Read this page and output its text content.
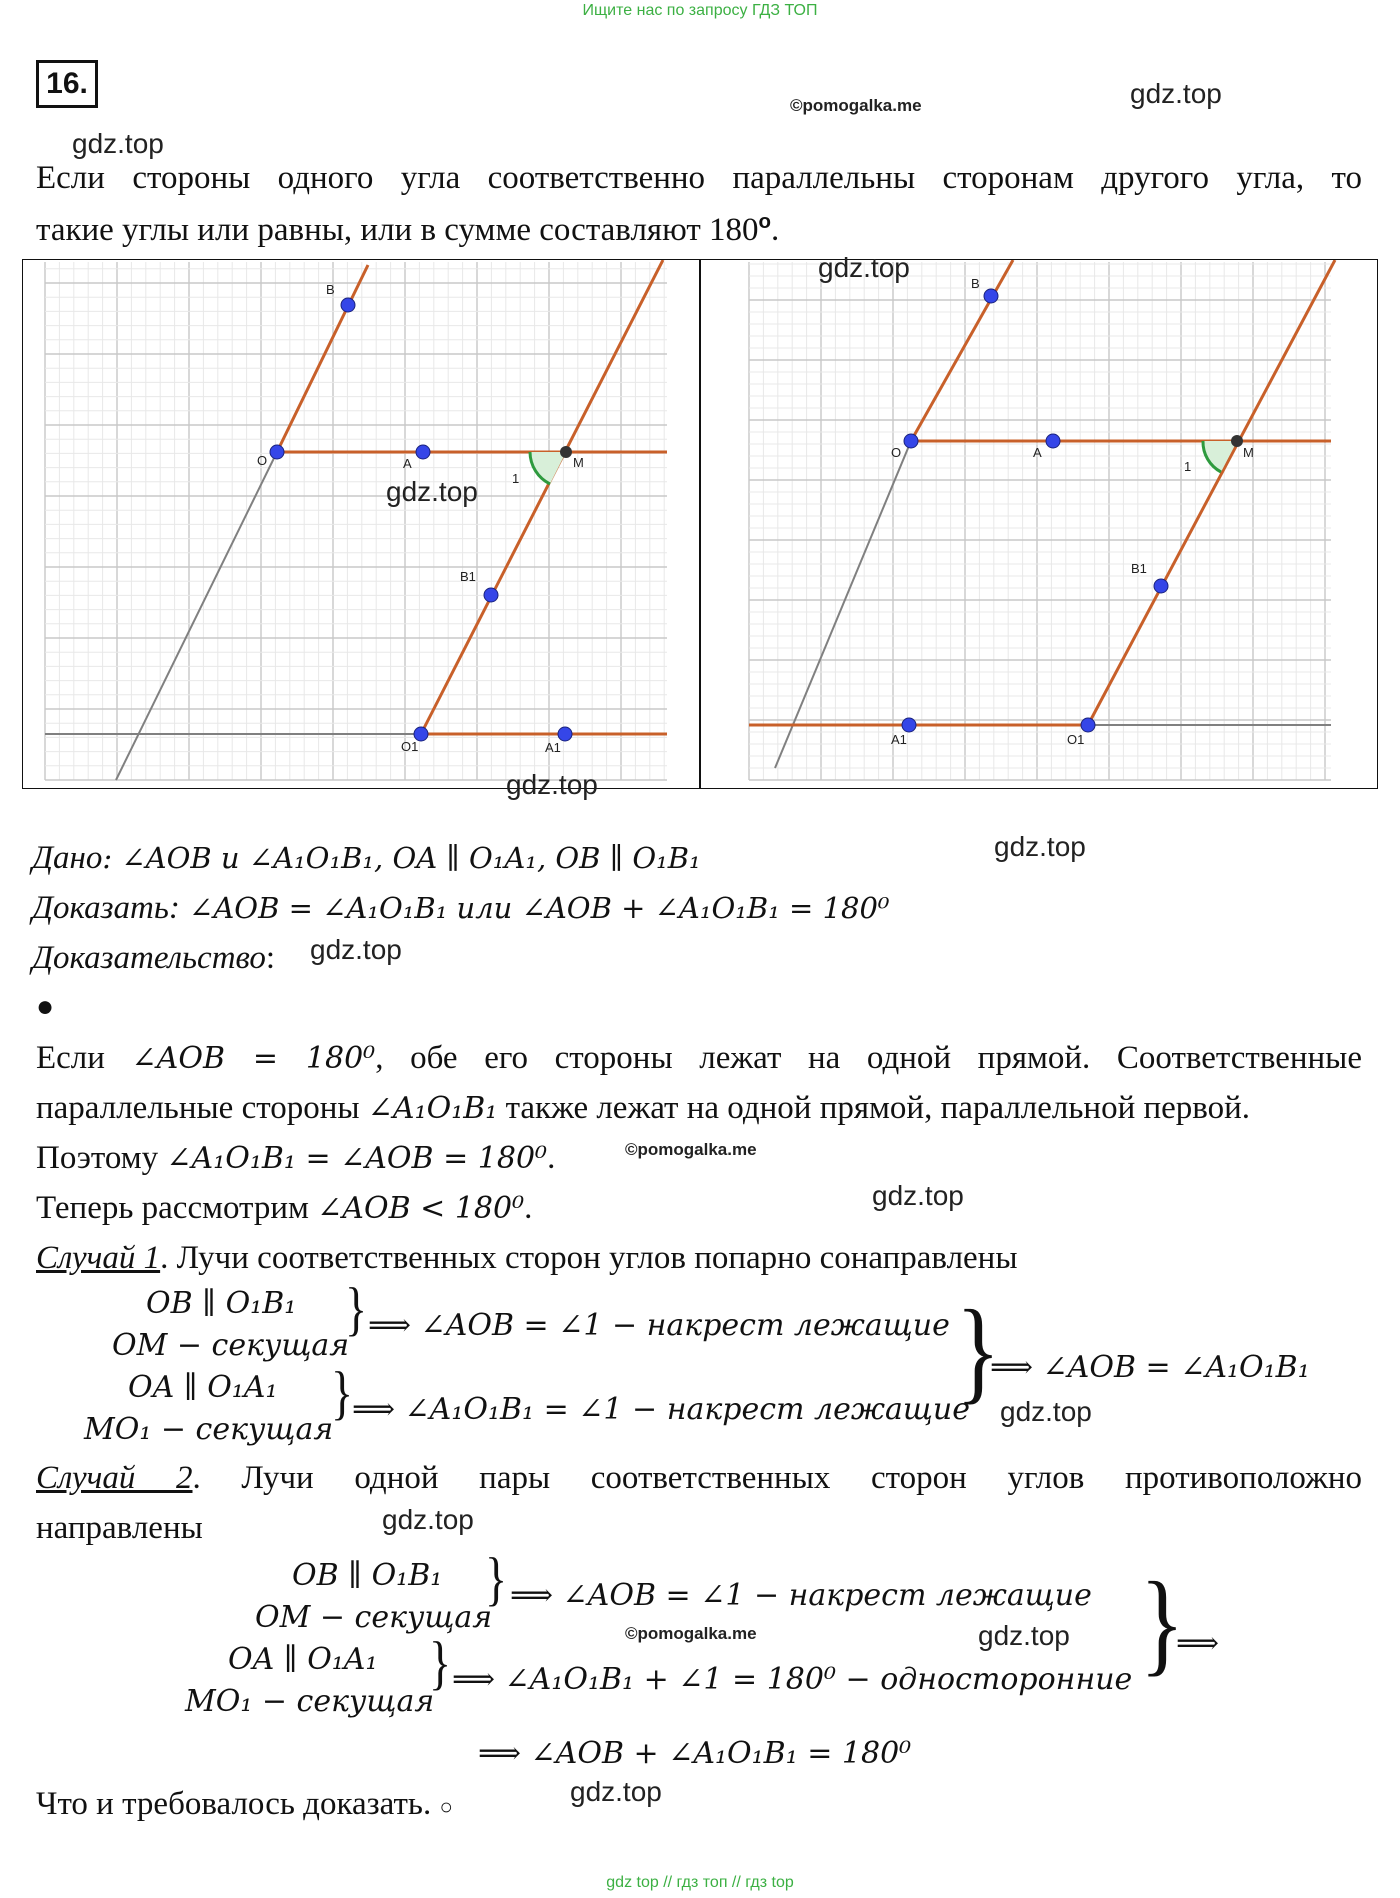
Ищите нас по запросу ГДЗ ТОП
16.
©pomogalka.me	gdz.top
gdz.top
Если стороны одного угла соответственно параллельны сторонам другого угла, то
такие углы или равны, или в сумме составляют 180$^o$.
B
O	A	M
1
B1
O1	A1
B
O	A	M
1
B1
A1	O1
gdz.top
gdz.top
gdz.top
gdz.top
Дано: ∠AOB и ∠A₁O₁B₁, OA ∥ O₁A₁, OB ∥ O₁B₁
Доказать: ∠AOB = ∠A₁O₁B₁ или ∠AOB + ∠A₁O₁B₁ = 180⁰
Доказательство: gdz.top
●
Если ∠AOB = 180⁰, обе его стороны лежат на одной прямой. Соответственные
параллельные стороны ∠A₁O₁B₁ также лежат на одной прямой, параллельной первой.
Поэтому ∠A₁O₁B₁ = ∠AOB = 180⁰.	©pomogalka.me
Теперь рассмотрим ∠AOB < 180⁰.	gdz.top
Случай 1. Лучи соответственных сторон углов попарно сонаправлены
OB ∥ O₁B₁
OM − секущая
} ⟹ ∠AOB = ∠1 − накрест лежащие
OA ∥ O₁A₁
MO₁ − секущая
}
⟹ ∠A₁O₁B₁ = ∠1 − накрест лежащие
}
⟹ ∠AOB = ∠A₁O₁B₁
gdz.top
Случай 2. Лучи одной пары соответственных сторон углов противоположно
направлены	gdz.top
OB ∥ O₁B₁
OM − секущая
} ⟹ ∠AOB = ∠1 − накрест лежащие
©pomogalka.me	gdz.top
OA ∥ O₁A₁
MO₁ − секущая
} ⟹ ∠A₁O₁B₁ + ∠1 = 180⁰ − односторонние }
⟹
⟹ ∠AOB + ∠A₁O₁B₁ = 180⁰
Что и требовалось доказать. ○	gdz.top
gdz top // гдз топ // гдз top
